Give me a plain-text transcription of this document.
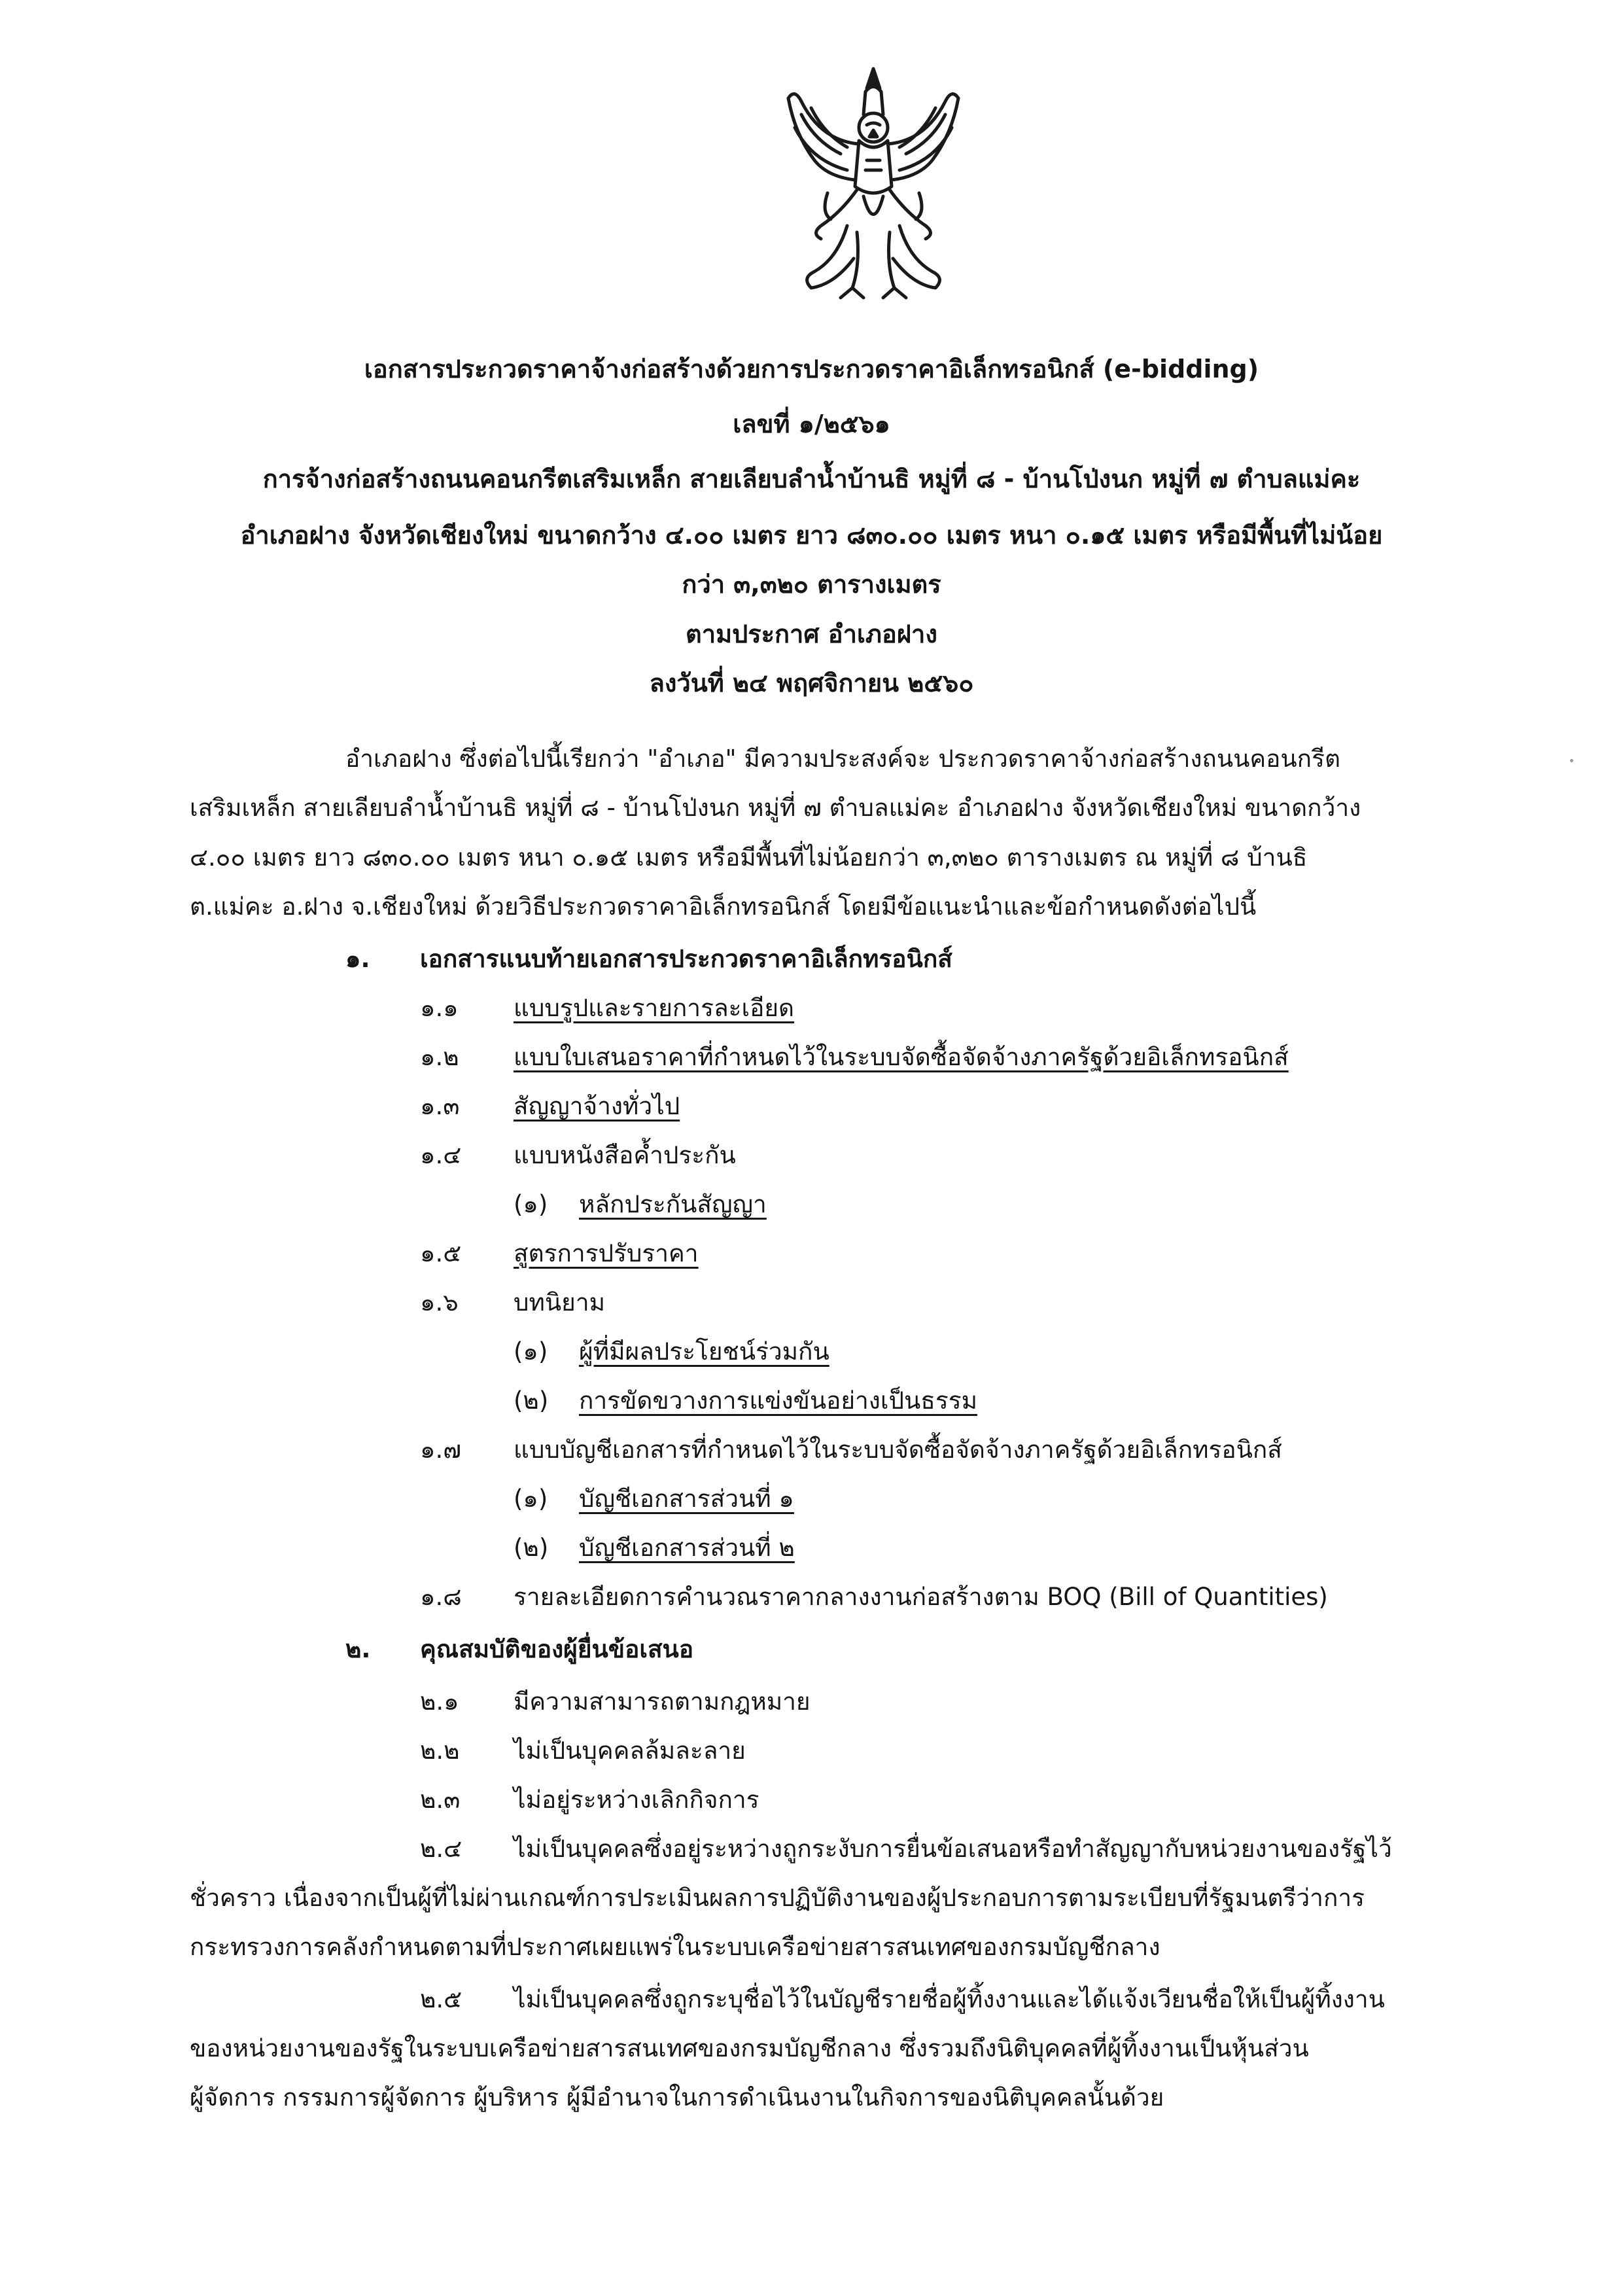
เอกสารประกวดราคาจ้างก่อสร้างด้วยการประกวดราคาอิเล็กทรอนิกส์ (e-bidding)
เลขที่ ๑/๒๕๖๑
การจ้างก่อสร้างถนนคอนกรีตเสริมเหล็ก สายเลียบลำน้ำบ้านธิ หมู่ที่ ๘ - บ้านโป่งนก หมู่ที่ ๗ ตำบลแม่คะ
อำเภอฝาง จังหวัดเชียงใหม่ ขนาดกว้าง ๔.๐๐ เมตร ยาว ๘๓๐.๐๐ เมตร หนา ๐.๑๕ เมตร หรือมีพื้นที่ไม่น้อย
กว่า ๓,๓๒๐ ตารางเมตร
ตามประกาศ อำเภอฝาง
ลงวันที่ ๒๔ พฤศจิกายน ๒๕๖๐
อำเภอฝาง ซึ่งต่อไปนี้เรียกว่า "อำเภอ" มีความประสงค์จะ ประกวดราคาจ้างก่อสร้างถนนคอนกรีต
เสริมเหล็ก สายเลียบลำน้ำบ้านธิ หมู่ที่ ๘ - บ้านโป่งนก หมู่ที่ ๗ ตำบลแม่คะ อำเภอฝาง จังหวัดเชียงใหม่ ขนาดกว้าง
๔.๐๐ เมตร ยาว ๘๓๐.๐๐ เมตร หนา ๐.๑๕ เมตร หรือมีพื้นที่ไม่น้อยกว่า ๓,๓๒๐ ตารางเมตร ณ หมู่ที่ ๘ บ้านธิ
ต.แม่คะ อ.ฝาง จ.เชียงใหม่ ด้วยวิธีประกวดราคาอิเล็กทรอนิกส์ โดยมีข้อแนะนำและข้อกำหนดดังต่อไปนี้
๑. เอกสารแนบท้ายเอกสารประกวดราคาอิเล็กทรอนิกส์
๑.๑ แบบรูปและรายการละเอียด
๑.๒ แบบใบเสนอราคาที่กำหนดไว้ในระบบจัดซื้อจัดจ้างภาครัฐด้วยอิเล็กทรอนิกส์
๑.๓ สัญญาจ้างทั่วไป
๑.๔ แบบหนังสือค้ำประกัน
(๑) หลักประกันสัญญา
๑.๕ สูตรการปรับราคา
๑.๖ บทนิยาม
(๑) ผู้ที่มีผลประโยชน์ร่วมกัน
(๒) การขัดขวางการแข่งขันอย่างเป็นธรรม
๑.๗ แบบบัญชีเอกสารที่กำหนดไว้ในระบบจัดซื้อจัดจ้างภาครัฐด้วยอิเล็กทรอนิกส์
(๑) บัญชีเอกสารส่วนที่ ๑
(๒) บัญชีเอกสารส่วนที่ ๒
๑.๘ รายละเอียดการคำนวณราคากลางงานก่อสร้างตาม BOQ (Bill of Quantities)
๒. คุณสมบัติของผู้ยื่นข้อเสนอ
๒.๑ มีความสามารถตามกฎหมาย
๒.๒ ไม่เป็นบุคคลล้มละลาย
๒.๓ ไม่อยู่ระหว่างเลิกกิจการ
๒.๔ ไม่เป็นบุคคลซึ่งอยู่ระหว่างถูกระงับการยื่นข้อเสนอหรือทำสัญญากับหน่วยงานของรัฐไว้
ชั่วคราว เนื่องจากเป็นผู้ที่ไม่ผ่านเกณฑ์การประเมินผลการปฏิบัติงานของผู้ประกอบการตามระเบียบที่รัฐมนตรีว่าการ
กระทรวงการคลังกำหนดตามที่ประกาศเผยแพร่ในระบบเครือข่ายสารสนเทศของกรมบัญชีกลาง
๒.๕ ไม่เป็นบุคคลซึ่งถูกระบุชื่อไว้ในบัญชีรายชื่อผู้ทิ้งงานและได้แจ้งเวียนชื่อให้เป็นผู้ทิ้งงาน
ของหน่วยงานของรัฐในระบบเครือข่ายสารสนเทศของกรมบัญชีกลาง ซึ่งรวมถึงนิติบุคคลที่ผู้ทิ้งงานเป็นหุ้นส่วน
ผู้จัดการ กรรมการผู้จัดการ ผู้บริหาร ผู้มีอำนาจในการดำเนินงานในกิจการของนิติบุคคลนั้นด้วย
